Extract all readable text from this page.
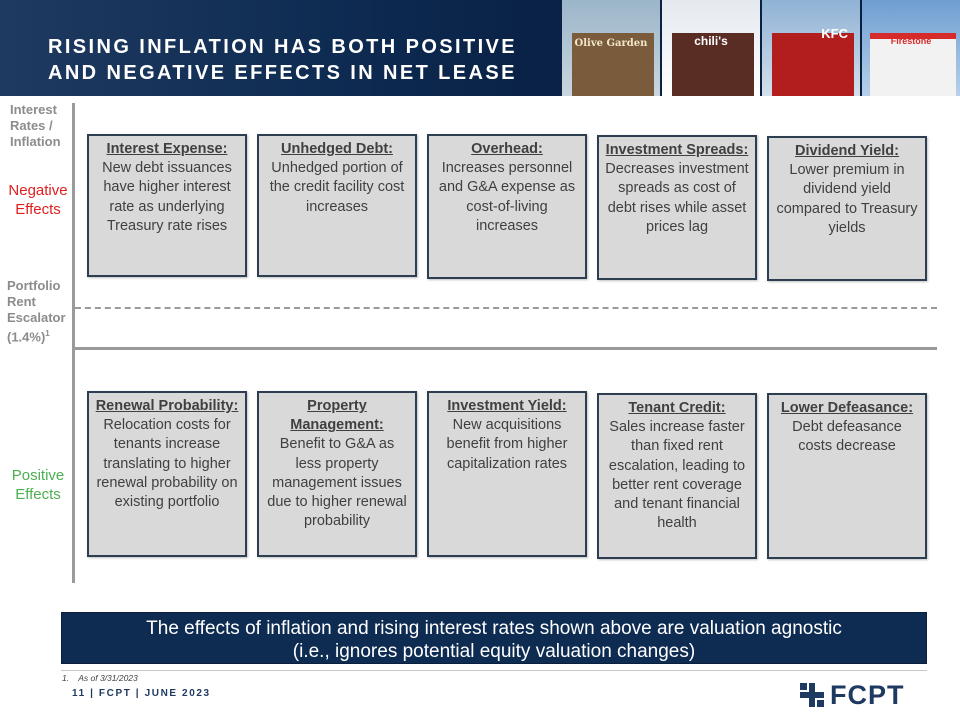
RISING INFLATION HAS BOTH POSITIVE
AND NEGATIVE EFFECTS IN NET LEASE
Olive Garden	chili's	KFC	Firestone
Interest Rates / Inflation
Negative Effects
Portfolio Rent Escalator $(1.4\%)^1$
Positive Effects
Interest Expense:
New debt issuances have higher interest rate as underlying Treasury rate rises
Unhedged Debt:
Unhedged portion of the credit facility cost increases
Overhead:
Increases personnel and G&A expense as cost-of-living increases
Investment Spreads:
Decreases investment spreads as cost of debt rises while asset prices lag
Dividend Yield:
Lower premium in dividend yield compared to Treasury yields
Renewal Probability:
Relocation costs for tenants increase translating to higher renewal probability on existing portfolio
Property Management:
Benefit to G&A as less property management issues due to higher renewal probability
Investment Yield:
New acquisitions benefit from higher capitalization rates
Tenant Credit:
Sales increase faster than fixed rent escalation, leading to better rent coverage and tenant financial health
Lower Defeasance:
Debt defeasance costs decrease
The effects of inflation and rising interest rates shown above are valuation agnostic
(i.e., ignores potential equity valuation changes)
1.    As of 3/31/2023
11 | FCPT | JUNE 2023	FCPT
